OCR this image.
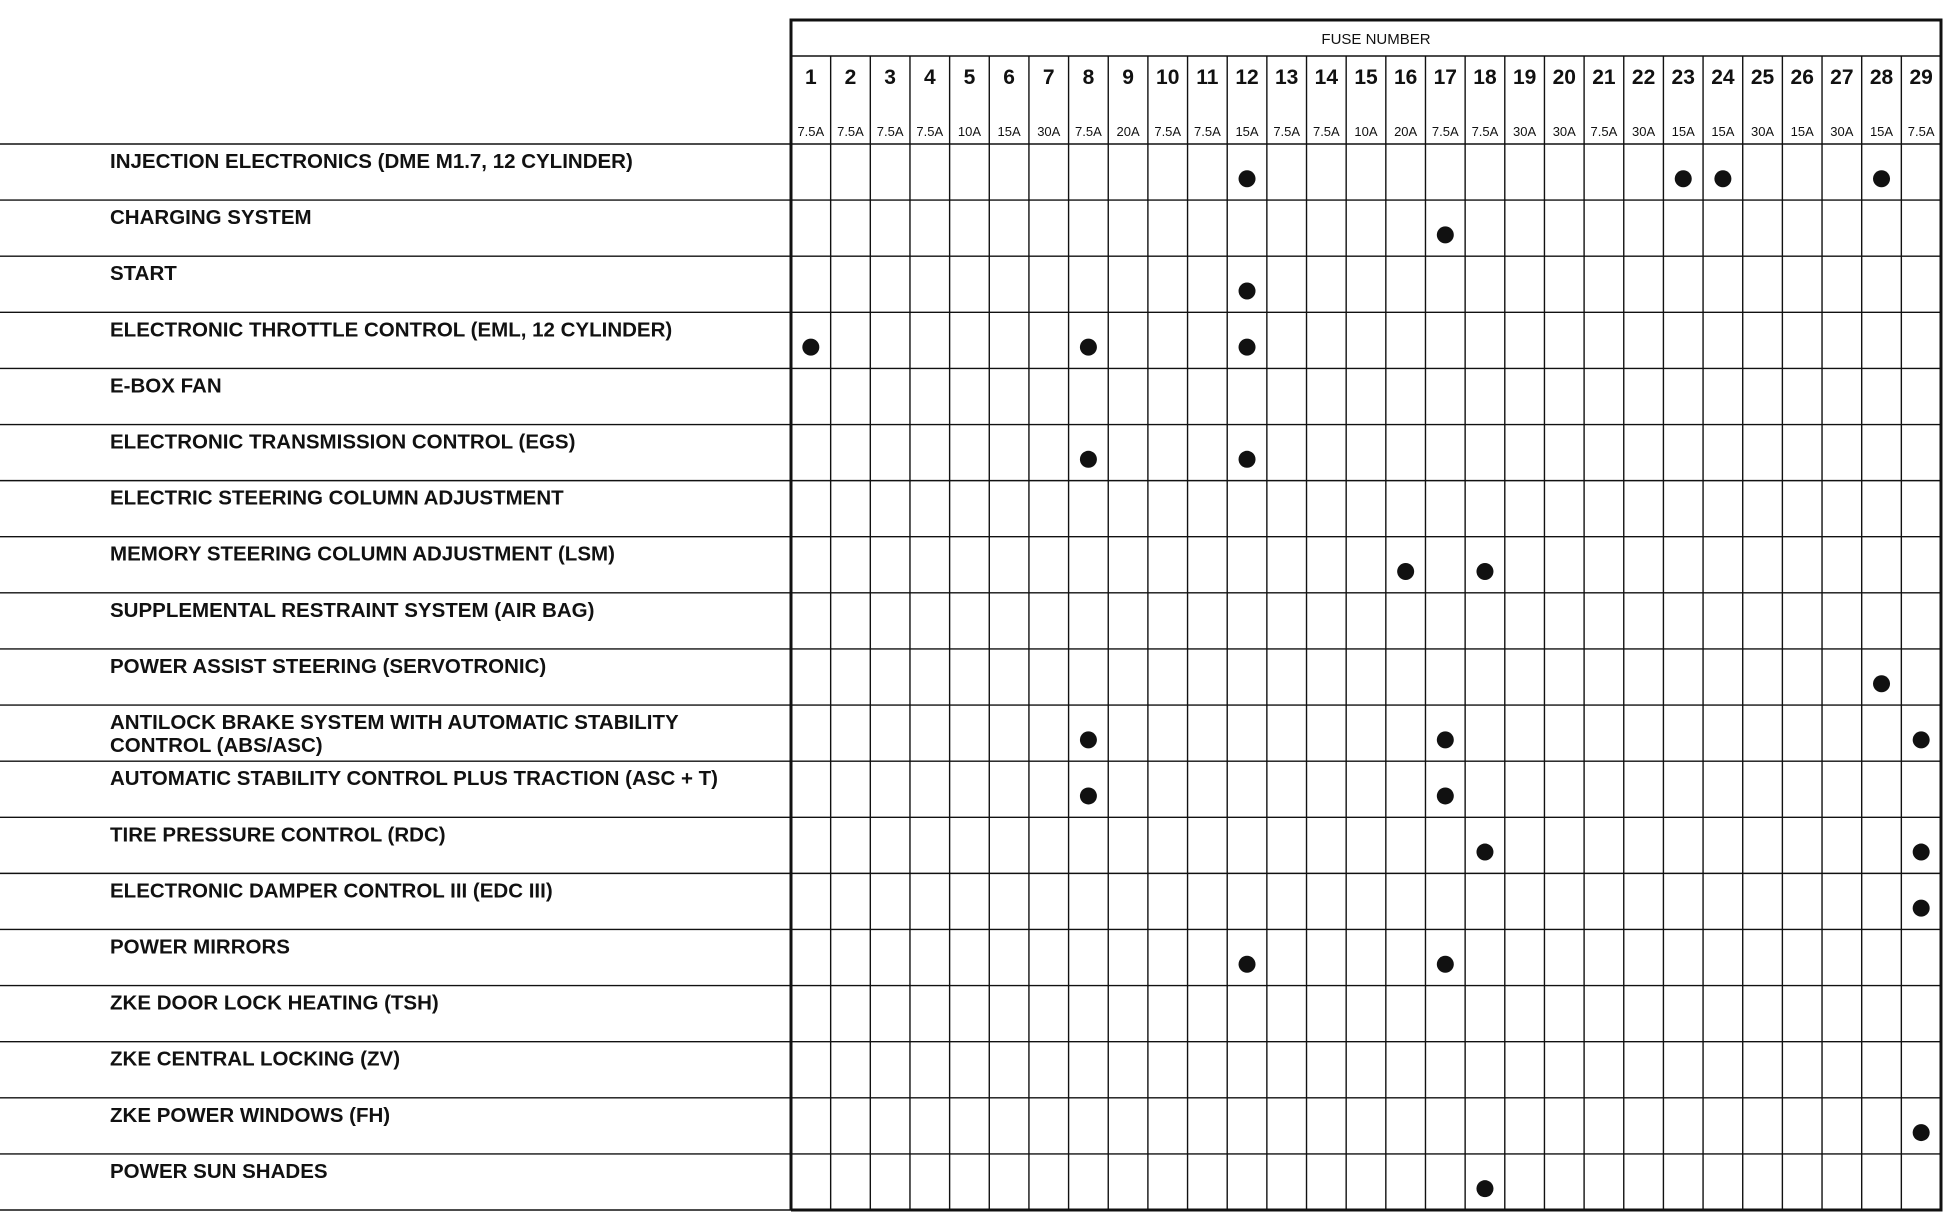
FUSE NUMBER
1
7.5A
2
7.5A
3
7.5A
4
7.5A
5
10A
6
15A
7
30A
8
7.5A
9
20A
10
7.5A
11
7.5A
12
15A
13
7.5A
14
7.5A
15
10A
16
20A
17
7.5A
18
7.5A
19
30A
20
30A
21
7.5A
22
30A
23
15A
24
15A
25
30A
26
15A
27
30A
28
15A
29
7.5A
INJECTION ELECTRONICS (DME M1.7, 12 CYLINDER)
CHARGING SYSTEM
START
ELECTRONIC THROTTLE CONTROL (EML, 12 CYLINDER)
E-BOX FAN
ELECTRONIC TRANSMISSION CONTROL (EGS)
ELECTRIC STEERING COLUMN ADJUSTMENT
MEMORY STEERING COLUMN ADJUSTMENT (LSM)
SUPPLEMENTAL RESTRAINT SYSTEM (AIR BAG)
POWER ASSIST STEERING (SERVOTRONIC)
ANTILOCK BRAKE SYSTEM WITH AUTOMATIC STABILITY
CONTROL (ABS/ASC)
AUTOMATIC STABILITY CONTROL PLUS TRACTION (ASC + T)
TIRE PRESSURE CONTROL (RDC)
ELECTRONIC DAMPER CONTROL III (EDC III)
POWER MIRRORS
ZKE DOOR LOCK HEATING (TSH)
ZKE CENTRAL LOCKING (ZV)
ZKE POWER WINDOWS (FH)
POWER SUN SHADES
